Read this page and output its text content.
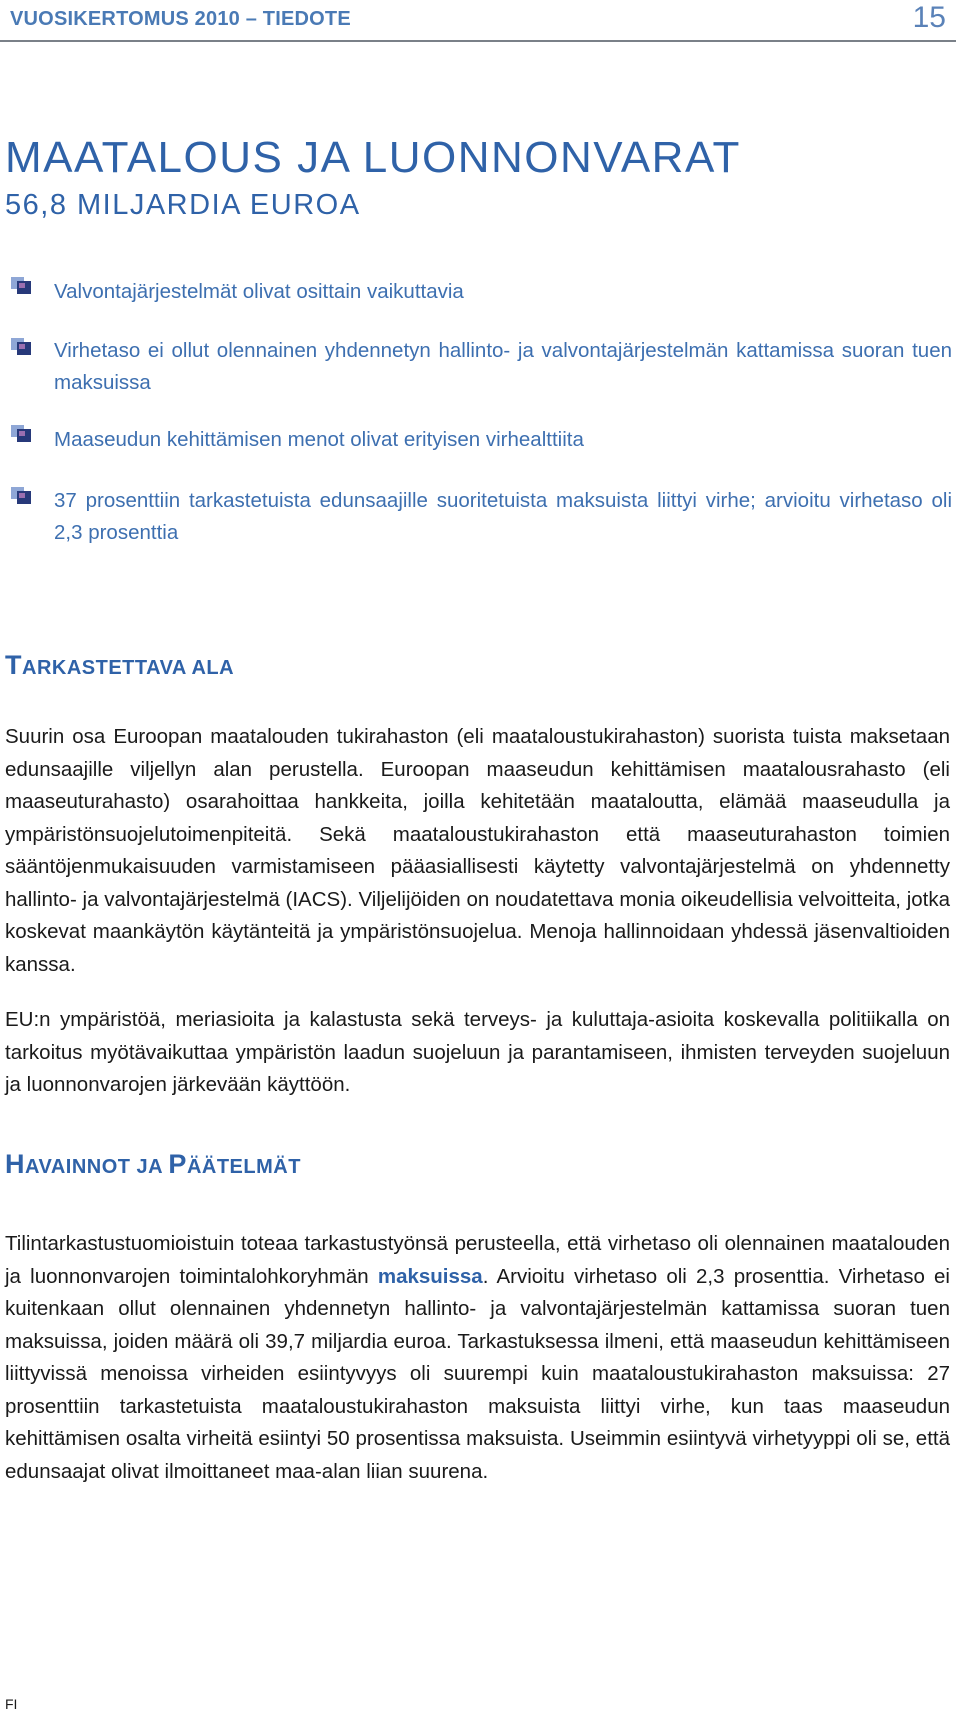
VUOSIKERTOMUS 2010 – TIEDOTE	15
MAATALOUS JA LUONNONVARAT
56,8 MILJARDIA EUROA
Valvontajärjestelmät olivat osittain vaikuttavia
Virhetaso ei ollut olennainen yhdennetyn hallinto- ja valvontajärjestelmän kattamissa suoran tuen maksuissa
Maaseudun kehittämisen menot olivat erityisen virhealttiita
37 prosenttiin tarkastetuista edunsaajille suoritetuista maksuista liittyi virhe; arvioitu virhetaso oli 2,3 prosenttia
TARKASTETTAVA ALA

Suurin osa Euroopan maatalouden tukirahaston (eli maataloustukirahaston) suorista tuista maksetaan edunsaajille viljellyn alan perustella. Euroopan maaseudun kehittämisen maatalousrahasto (eli maaseuturahasto) osarahoittaa hankkeita, joilla kehitetään maataloutta, elämää maaseudulla ja ympäristönsuojelutoimenpiteitä. Sekä maataloustukirahaston että maaseuturahaston toimien sääntöjenmukaisuuden varmistamiseen pääasiallisesti käytetty valvontajärjestelmä on yhdennetty hallinto- ja valvontajärjestelmä (IACS). Viljelijöiden on noudatettava monia oikeudellisia velvoitteita, jotka koskevat maankäytön käytänteitä ja ympäristönsuojelua. Menoja hallinnoidaan yhdessä jäsenvaltioiden kanssa.

EU:n ympäristöä, meriasioita ja kalastusta sekä terveys- ja kuluttaja-asioita koskevalla politiikalla on tarkoitus myötävaikuttaa ympäristön laadun suojeluun ja parantamiseen, ihmisten terveyden suojeluun ja luonnonvarojen järkevään käyttöön.

HAVAINNOT JA PÄÄTELMÄT

Tilintarkastustuomioistuin toteaa tarkastustyönsä perusteella, että virhetaso oli olennainen maatalouden ja luonnonvarojen toimintalohkoryhmän maksuissa. Arvioitu virhetaso oli 2,3 prosenttia. Virhetaso ei kuitenkaan ollut olennainen yhdennetyn hallinto- ja valvontajärjestelmän kattamissa suoran tuen maksuissa, joiden määrä oli 39,7 miljardia euroa. Tarkastuksessa ilmeni, että maaseudun kehittämiseen liittyvissä menoissa virheiden esiintyvyys oli suurempi kuin maataloustukirahaston maksuissa: 27 prosenttiin tarkastetuista maataloustukirahaston maksuista liittyi virhe, kun taas maaseudun kehittämisen osalta virheitä esiintyi 50 prosentissa maksuista. Useimmin esiintyvä virhetyyppi oli se, että edunsaajat olivat ilmoittaneet maa-alan liian suurena.

FI
